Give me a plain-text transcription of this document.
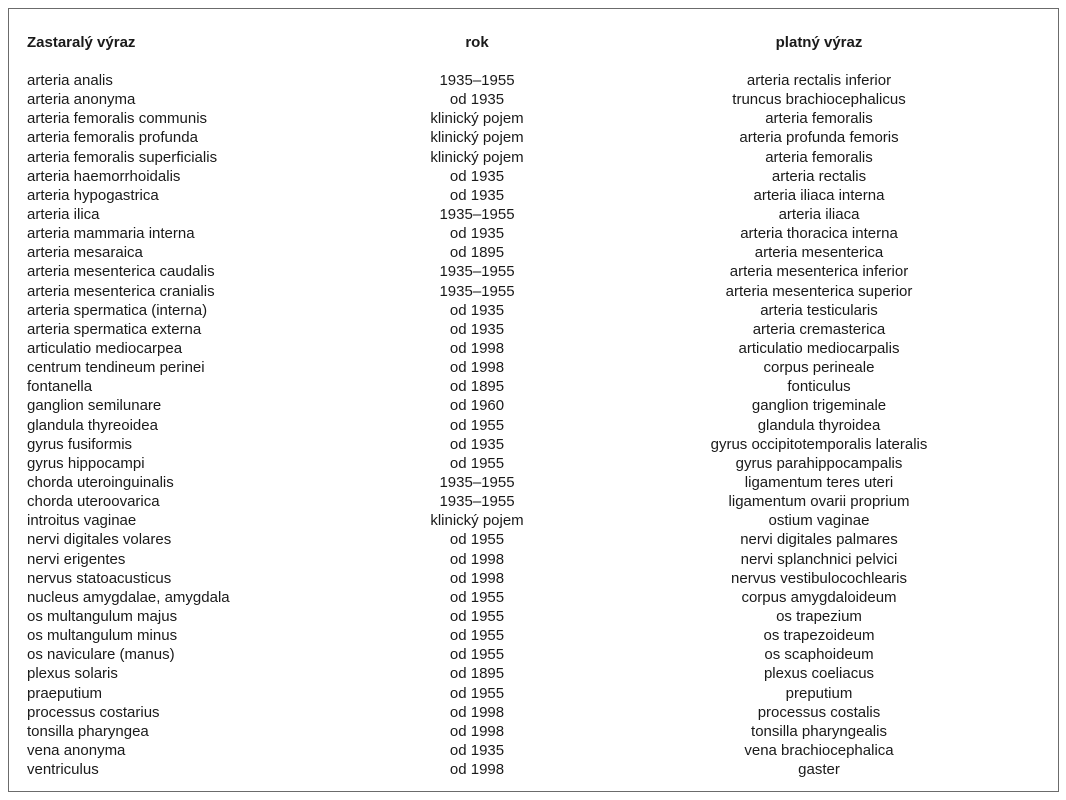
Zastaralý výraz	rok	platný výraz
arteria analis	1935–1955	arteria rectalis inferior
arteria anonyma	od 1935	truncus brachiocephalicus
arteria femoralis communis	klinický pojem	arteria femoralis
arteria femoralis profunda	klinický pojem	arteria profunda femoris
arteria femoralis superficialis	klinický pojem	arteria femoralis
arteria haemorrhoidalis	od 1935	arteria rectalis
arteria hypogastrica	od 1935	arteria iliaca interna
arteria ilica	1935–1955	arteria iliaca
arteria mammaria interna	od 1935	arteria thoracica interna
arteria mesaraica	od 1895	arteria mesenterica
arteria mesenterica caudalis	1935–1955	arteria mesenterica inferior
arteria mesenterica cranialis	1935–1955	arteria mesenterica superior
arteria spermatica (interna)	od 1935	arteria testicularis
arteria spermatica externa	od 1935	arteria cremasterica
articulatio mediocarpea	od 1998	articulatio mediocarpalis
centrum tendineum perinei	od 1998	corpus perineale
fontanella	od 1895	fonticulus
ganglion semilunare	od 1960	ganglion trigeminale
glandula thyreoidea	od 1955	glandula thyroidea
gyrus fusiformis	od 1935	gyrus occipitotemporalis lateralis
gyrus hippocampi	od 1955	gyrus parahippocampalis
chorda uteroinguinalis	1935–1955	ligamentum teres uteri
chorda uteroovarica	1935–1955	ligamentum ovarii proprium
introitus vaginae	klinický pojem	ostium vaginae
nervi digitales volares	od 1955	nervi digitales palmares
nervi erigentes	od 1998	nervi splanchnici pelvici
nervus statoacusticus	od 1998	nervus vestibulocochlearis
nucleus amygdalae, amygdala	od 1955	corpus amygdaloideum
os multangulum majus	od 1955	os trapezium
os multangulum minus	od 1955	os trapezoideum
os naviculare (manus)	od 1955	os scaphoideum
plexus solaris	od 1895	plexus coeliacus
praeputium	od 1955	preputium
processus costarius	od 1998	processus costalis
tonsilla pharyngea	od 1998	tonsilla pharyngealis
vena anonyma	od 1935	vena brachiocephalica
ventriculus	od 1998	gaster
